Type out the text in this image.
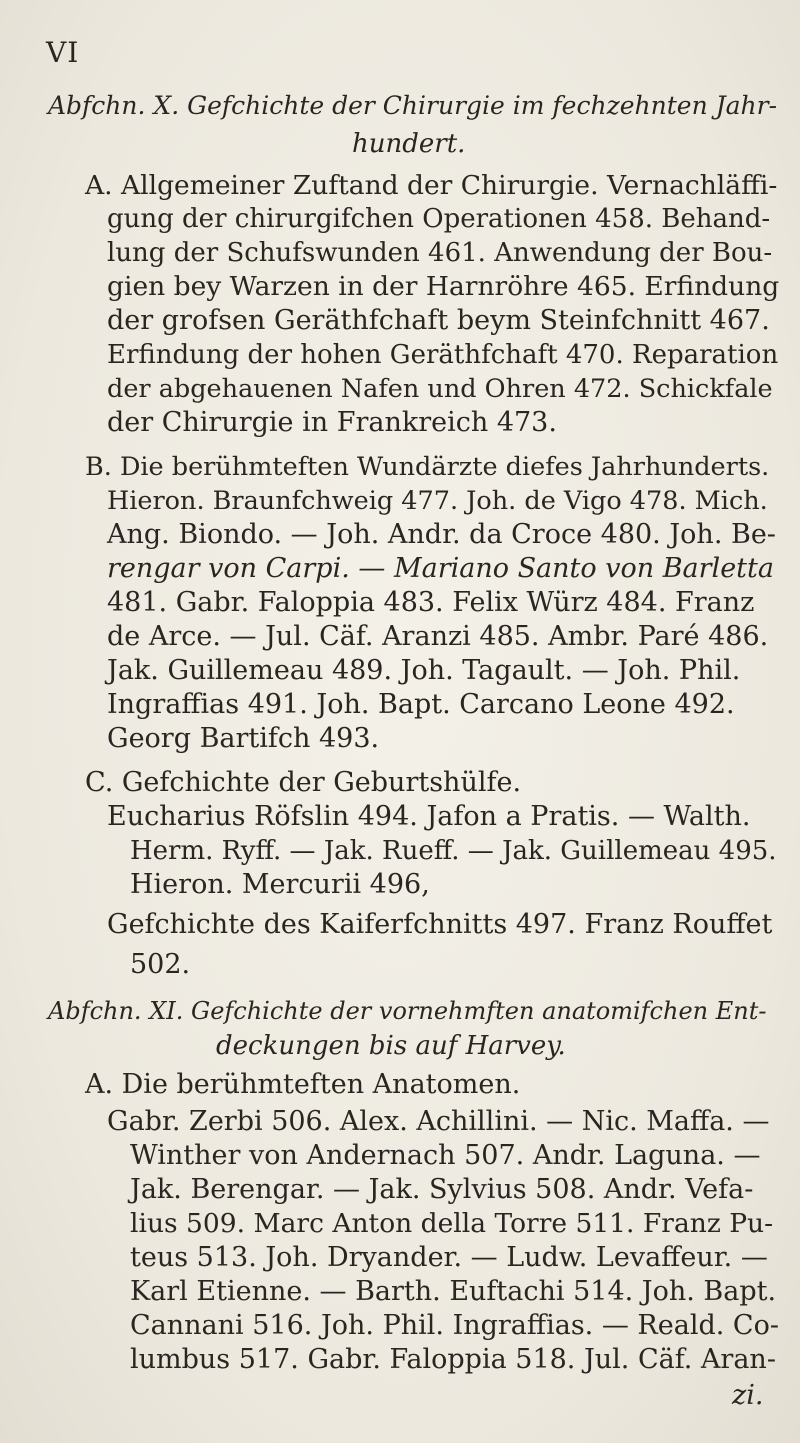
VI
Abfchn. X. Gefchichte der Chirurgie im fechzehnten Jahr-
hundert.
A. Allgemeiner Zuftand der Chirurgie. Vernachläffi-
gung der chirurgifchen Operationen 458. Behand-
lung der Schufswunden 461. Anwendung der Bou-
gien bey Warzen in der Harnröhre 465. Erfindung
der grofsen Geräthfchaft beym Steinfchnitt 467.
Erfindung der hohen Geräthfchaft 470. Reparation
der abgehauenen Nafen und Ohren 472. Schickfale
der Chirurgie in Frankreich 473.
B. Die berühmteften Wundärzte diefes Jahrhunderts.
Hieron. Braunfchweig 477. Joh. de Vigo 478. Mich.
Ang. Biondo. — Joh. Andr. da Croce 480. Joh. Be-
rengar von Carpi. — Mariano Santo von Barletta
481. Gabr. Faloppia 483. Felix Würz 484. Franz
de Arce. — Jul. Cäf. Aranzi 485. Ambr. Paré 486.
Jak. Guillemeau 489. Joh. Tagault. — Joh. Phil.
Ingraffias 491. Joh. Bapt. Carcano Leone 492.
Georg Bartifch 493.
C. Gefchichte der Geburtshülfe.
Eucharius Röfslin 494. Jafon a Pratis. — Walth.
Herm. Ryff. — Jak. Rueff. — Jak. Guillemeau 495.
Hieron. Mercurii 496,
Gefchichte des Kaiferfchnitts 497. Franz Rouffet
502.
Abfchn. XI. Gefchichte der vornehmften anatomifchen Ent-
deckungen bis auf Harvey.
A. Die berühmteften Anatomen.
Gabr. Zerbi 506. Alex. Achillini. — Nic. Maffa. —
Winther von Andernach 507. Andr. Laguna. —
Jak. Berengar. — Jak. Sylvius 508. Andr. Vefa-
lius 509. Marc Anton della Torre 511. Franz Pu-
teus 513. Joh. Dryander. — Ludw. Levaffeur. —
Karl Etienne. — Barth. Euftachi 514. Joh. Bapt.
Cannani 516. Joh. Phil. Ingraffias. — Reald. Co-
lumbus 517. Gabr. Faloppia 518. Jul. Cäf. Aran-
zi.
